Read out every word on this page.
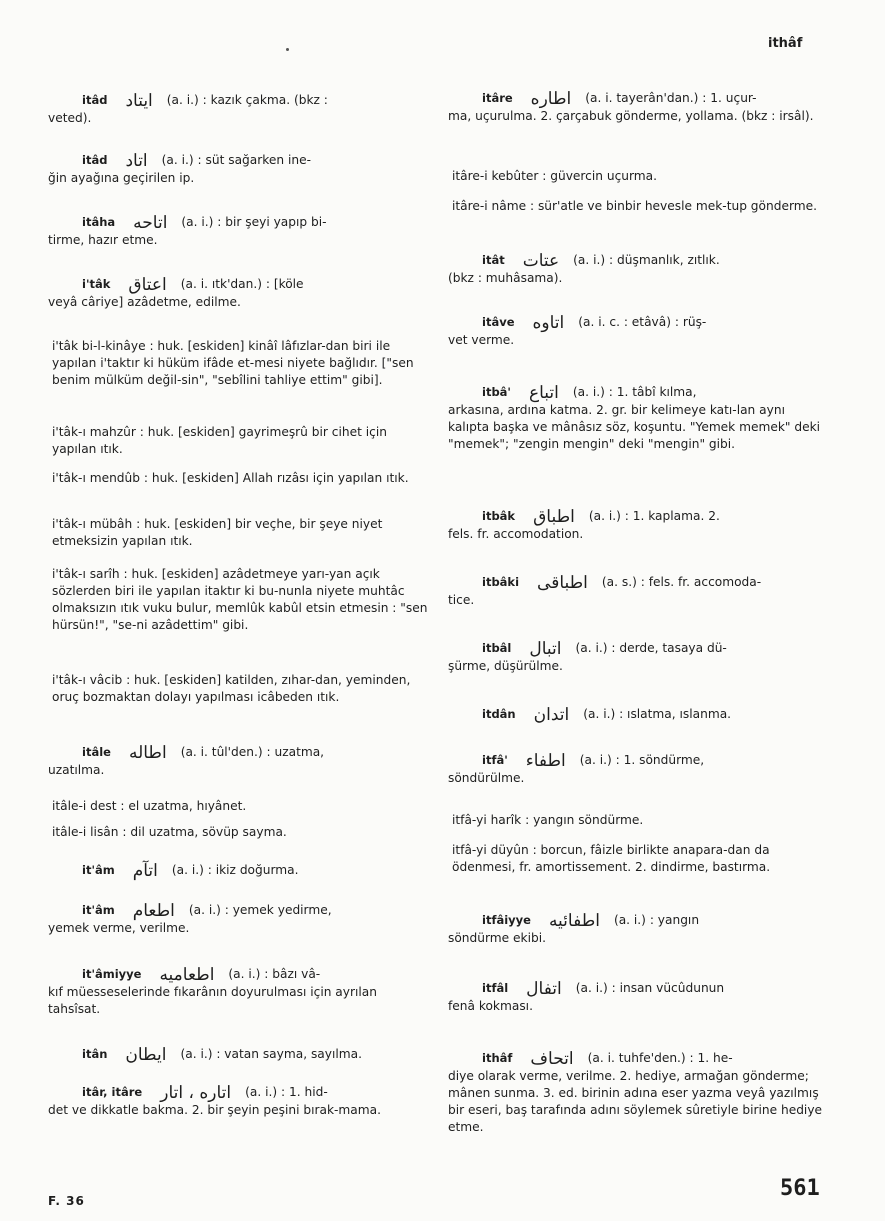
ithâf
itâd ایتاد (a. i.) : kazık çakma. (bkz :
veted).
itâd اتاد (a. i.) : süt sağarken ine-
ğin ayağına geçirilen ip.
itâha اتاحه (a. i.) : bir şeyi yapıp bi-
tirme, hazır etme.
i'tâk اعتاق (a. i. ıtk'dan.) : [köle
veyâ câriye] azâdetme, edilme.
i'tâk bi-l-kinâye : huk. [eskiden] kinâî lâfızlar-dan biri ile yapılan i'taktır ki hüküm ifâde et-mesi niyete bağlıdır. ["sen benim mülküm değil-sin", "sebîlini tahliye ettim" gibi].
i'tâk-ı mahzûr : huk. [eskiden] gayrimeşrû bir cihet için yapılan ıtık.
i'tâk-ı mendûb : huk. [eskiden] Allah rızâsı için yapılan ıtık.
i'tâk-ı mübâh : huk. [eskiden] bir veçhe, bir şeye niyet etmeksizin yapılan ıtık.
i'tâk-ı sarîh : huk. [eskiden] azâdetmeye yarı-yan açık sözlerden biri ile yapılan itaktır ki bu-nunla niyete muhtâc olmaksızın ıtık vuku bulur, memlûk kabûl etsin etmesin : "sen hürsün!", "se-ni azâdettim" gibi.
i'tâk-ı vâcib : huk. [eskiden] katilden, zıhar-dan, yeminden, oruç bozmaktan dolayı yapılması icâbeden ıtık.
itâle اطاله (a. i. tûl'den.) : uzatma,
uzatılma.
itâle-i dest : el uzatma, hıyânet.
itâle-i lisân : dil uzatma, sövüp sayma.
it'âm اتآم (a. i.) : ikiz doğurma.
it'âm اطعام (a. i.) : yemek yedirme,
yemek verme, verilme.
it'âmiyye اطعامیه (a. i.) : bâzı vâ-
kıf müesseselerinde fıkarânın doyurulması için ayrılan tahsîsat.
itân ایطان (a. i.) : vatan sayma, sayılma.
itâr, itâre اتاره ، اتار (a. i.) : 1. hid-
det ve dikkatle bakma. 2. bir şeyin peşini bırak-mama.
itâre اطاره (a. i. tayerân'dan.) : 1. uçur-
ma, uçurulma. 2. çarçabuk gönderme, yollama. (bkz : irsâl).
itâre-i kebûter : güvercin uçurma.
itâre-i nâme : sür'atle ve binbir hevesle mek-tup gönderme.
itât عتات (a. i.) : düşmanlık, zıtlık.
(bkz : muhâsama).
itâve اتاوه (a. i. c. : etâvâ) : rüş-
vet verme.
itbâ' اتباع (a. i.) : 1. tâbî kılma,
arkasına, ardına katma. 2. gr. bir kelimeye katı-lan aynı kalıpta başka ve mânâsız söz, koşuntu. "Yemek memek" deki "memek"; "zengin mengin" deki "mengin" gibi.
itbâk اطباق (a. i.) : 1. kaplama. 2.
fels. fr. accomodation.
itbâki اطباقی (a. s.) : fels. fr. accomoda-
tice.
itbâl اتبال (a. i.) : derde, tasaya dü-
şürme, düşürülme.
itdân اتدان (a. i.) : ıslatma, ıslanma.
itfâ' اطفاء (a. i.) : 1. söndürme,
söndürülme.
itfâ-yi harîk : yangın söndürme.
itfâ-yi düyûn : borcun, fâizle birlikte anapara-dan da ödenmesi, fr. amortissement. 2. dindirme, bastırma.
itfâiyye اطفائیه (a. i.) : yangın
söndürme ekibi.
itfâl اتفال (a. i.) : insan vücûdunun
fenâ kokması.
ithâf اتحاف (a. i. tuhfe'den.) : 1. he-
diye olarak verme, verilme. 2. hediye, armağan gönderme; mânen sunma. 3. ed. birinin adına eser yazma veyâ yazılmış bir eseri, baş tarafında adını söylemek sûretiyle birine hediye etme.
F. 36	561
